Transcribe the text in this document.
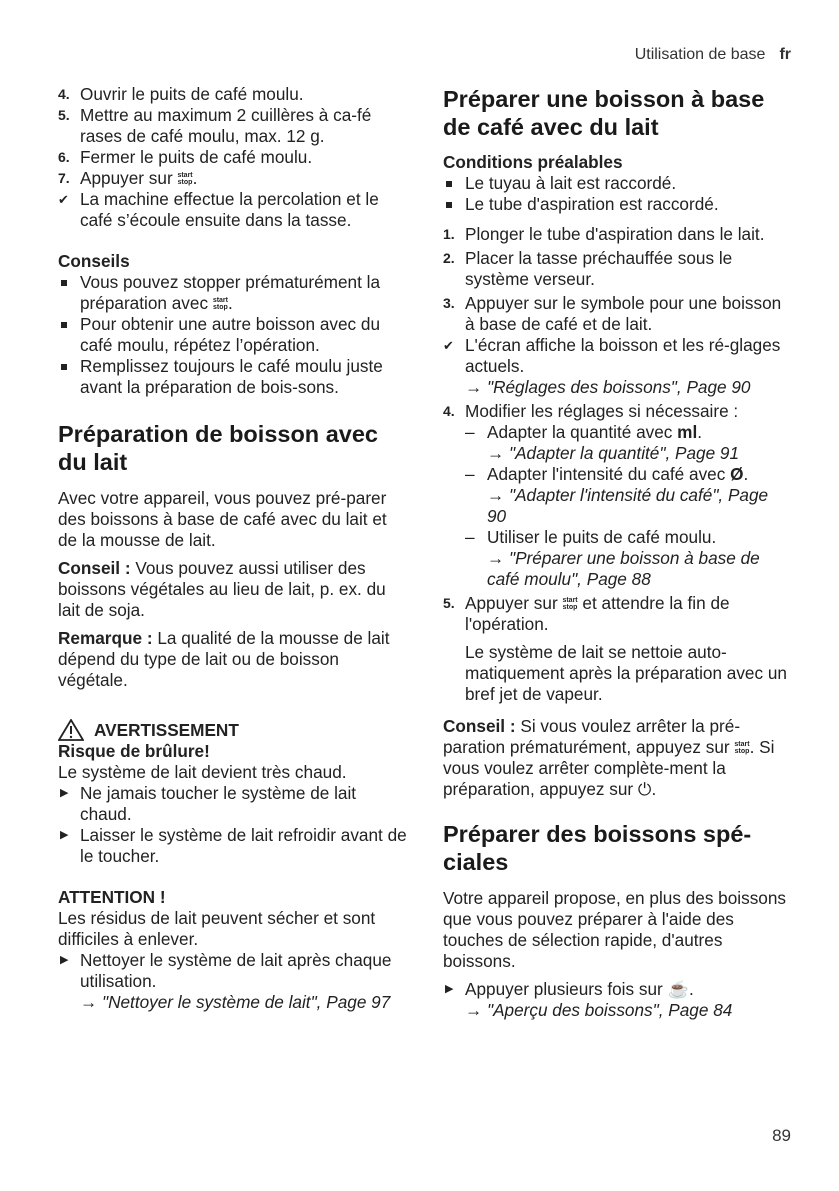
Utilisation de base fr
4. Ouvrir le puits de café moulu.
5. Mettre au maximum 2 cuillères à ca-fé rases de café moulu, max. 12 g.
6. Fermer le puits de café moulu.
7. Appuyer sur start
stop.
✔ La machine effectue la percolation et le café s’écoule ensuite dans la tasse.

Conseils

Vous pouvez stopper prématurément la préparation avec start
stop.
Pour obtenir une autre boisson avec du café moulu, répétez l’opération.
Remplissez toujours le café moulu juste avant la préparation de bois-sons.

Préparation de boisson avec du lait

Avec votre appareil, vous pouvez pré-parer des boissons à base de café avec du lait et de la mousse de lait.

Conseil : Vous pouvez aussi utiliser des boissons végétales au lieu de lait, p. ex. du lait de soja.

Remarque : La qualité de la mousse de lait dépend du type de lait ou de boisson végétale.

AVERTISSEMENT

Risque de brûlure!

Le système de lait devient très chaud.

▶ Ne jamais toucher le système de lait chaud.
▶ Laisser le système de lait refroidir avant de le toucher.

ATTENTION !

Les résidus de lait peuvent sécher et sont difficiles à enlever.

▶ Nettoyer le système de lait après chaque utilisation.
→ "Nettoyer le système de lait", Page 97

Préparer une boisson à base de café avec du lait

Conditions préalables

Le tuyau à lait est raccordé.
Le tube d'aspiration est raccordé.
1. Plonger le tube d'aspiration dans le lait.
2. Placer la tasse préchauffée sous le système verseur.
3. Appuyer sur le symbole pour une boisson à base de café et de lait.
✔ L'écran affiche la boisson et les ré-glages actuels.
→ "Réglages des boissons", Page 90
4. Modifier les réglages si nécessaire :
– Adapter la quantité avec ml.
→ "Adapter la quantité", Page 91
– Adapter l'intensité du café avec Ø.
→ "Adapter l'intensité du café", Page 90
– Utiliser le puits de café moulu.
→ "Préparer une boisson à base de café moulu", Page 88
5. Appuyer sur start
stop et attendre la fin de l'opération.
Le système de lait se nettoie auto-matiquement après la préparation avec un bref jet de vapeur.

Conseil : Si vous voulez arrêter la pré-paration prématurément, appuyez sur start
stop. Si vous voulez arrêter complète-ment la préparation, appuyez sur ⏻.

Préparer des boissons spé-ciales

Votre appareil propose, en plus des boissons que vous pouvez préparer à l'aide des touches de sélection rapide, d'autres boissons.

▶ Appuyer plusieurs fois sur ☕.
→ "Aperçu des boissons", Page 84
89
